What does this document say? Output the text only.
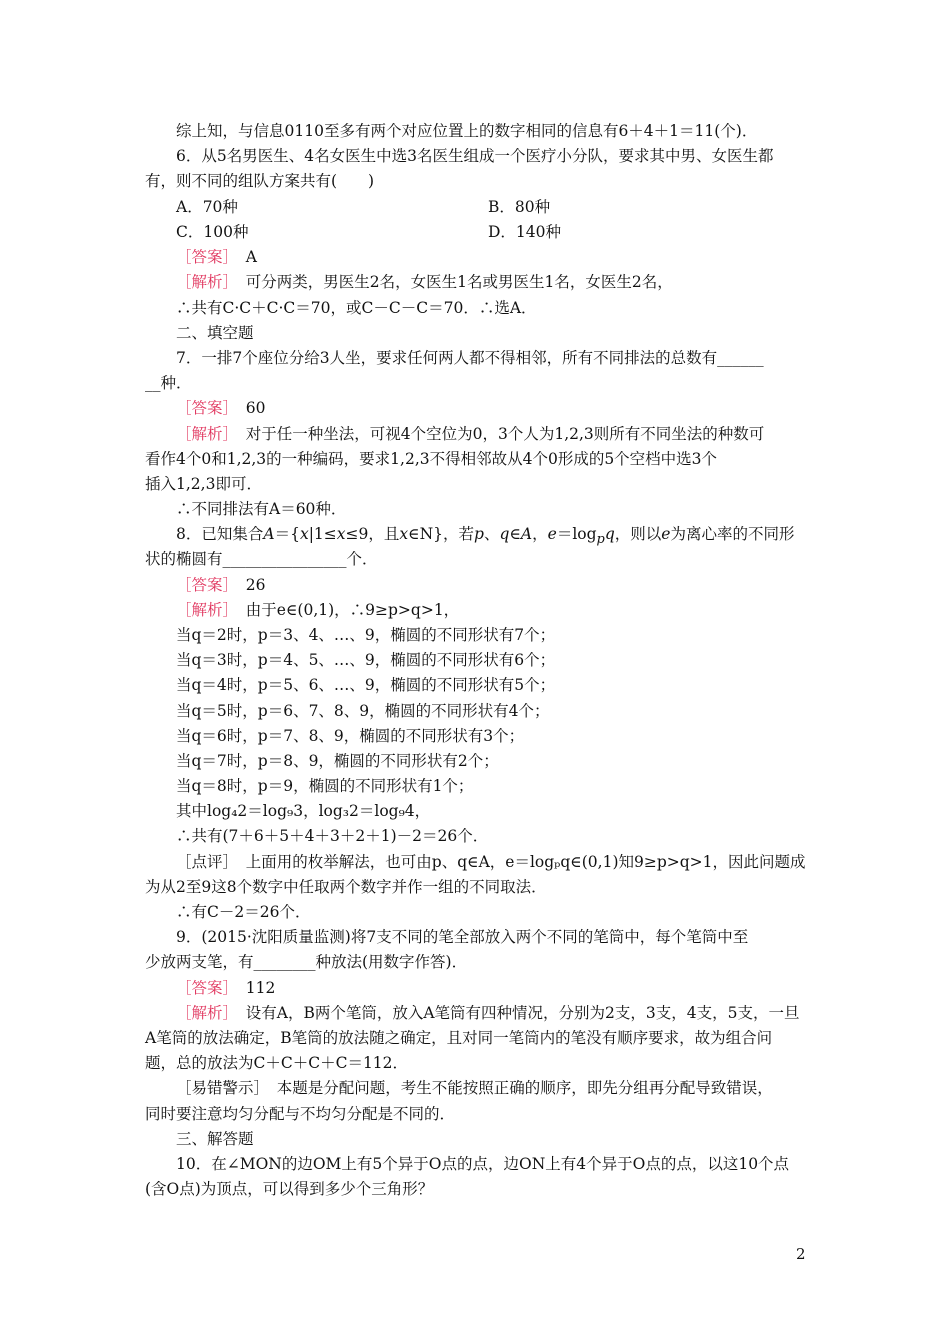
综上知，与信息0110至多有两个对应位置上的数字相同的信息有6＋4＋1＝11(个)．
6．从5名男医生、4名女医生中选3名医生组成一个医疗小分队，要求其中男、女医生都
有，则不同的组队方案共有(　　)
A．70种	B．80种
C．100种	D．140种
［答案］　A
［解析］　可分两类，男医生2名，女医生1名或男医生1名，女医生2名，
∴共有C·C＋C·C＝70，或C－C－C＝70．∴选A．
二、填空题
7．一排7个座位分给3人坐，要求任何两人都不得相邻，所有不同排法的总数有______
__种．
［答案］　60
［解析］　对于任一种坐法，可视4个空位为0，3个人为1,2,3则所有不同坐法的种数可
看作4个0和1,2,3的一种编码，要求1,2,3不得相邻故从4个0形成的5个空档中选3个
插入1,2,3即可．
∴不同排法有A＝60种．
8．已知集合A＝{x|1≤x≤9，且x∈N}，若p、q∈A，$e=\log_pq$，则以e为离心率的不同形
状的椭圆有________________个．
［答案］　26
［解析］　由于e∈(0,1)，∴9≥p>q>1，
当q＝2时，p＝3、4、…、9，椭圆的不同形状有7个；
当q＝3时，p＝4、5、…、9，椭圆的不同形状有6个；
当q＝4时，p＝5、6、…、9，椭圆的不同形状有5个；
当q＝5时，p＝6、7、8、9，椭圆的不同形状有4个；
当q＝6时，p＝7、8、9，椭圆的不同形状有3个；
当q＝7时，p＝8、9，椭圆的不同形状有2个；
当q＝8时，p＝9，椭圆的不同形状有1个；
其中log₄2＝log₉3，log₃2＝log₉4，
∴共有(7＋6＋5＋4＋3＋2＋1)－2＝26个．
［点评］　上面用的枚举解法，也可由p、q∈A，e＝logₚq∈(0,1)知9≥p>q>1，因此问题成
为从2至9这8个数字中任取两个数字并作一组的不同取法．
∴有C－2＝26个．
9．(2015·沈阳质量监测)将7支不同的笔全部放入两个不同的笔筒中，每个笔筒中至
少放两支笔，有________种放法(用数字作答)．
［答案］　112
［解析］　设有A，B两个笔筒，放入A笔筒有四种情况，分别为2支，3支，4支，5支，一旦
A笔筒的放法确定，B笔筒的放法随之确定，且对同一笔筒内的笔没有顺序要求，故为组合问
题，总的放法为C＋C＋C＋C＝112．
［易错警示］　本题是分配问题，考生不能按照正确的顺序，即先分组再分配导致错误，
同时要注意均匀分配与不均匀分配是不同的．
三、解答题
10．在∠MON的边OM上有5个异于O点的点，边ON上有4个异于O点的点，以这10个点
(含O点)为顶点，可以得到多少个三角形？
2
